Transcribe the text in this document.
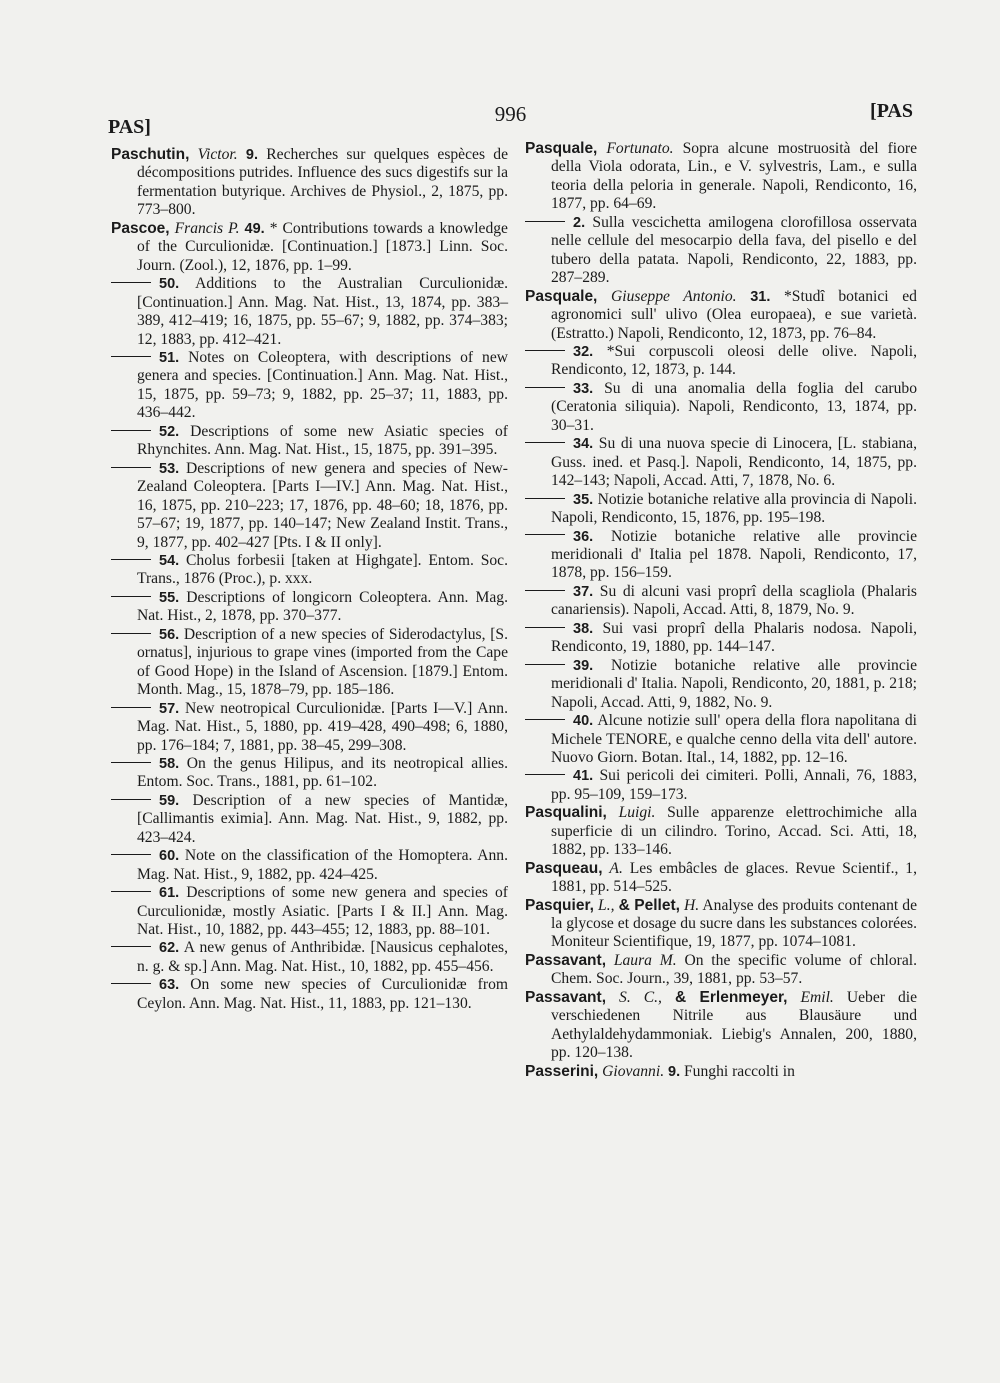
PAS]
996	[PAS

Paschutin, Victor. 9. Recherches sur quelques espèces de décompositions putrides. Influence des sucs digestifs sur la fermentation butyrique. Archives de Physiol., 2, 1875, pp. 773–800.

Pascoe, Francis P. 49. * Contributions towards a knowledge of the Curculionidæ. [Continuation.] [1873.] Linn. Soc. Journ. (Zool.), 12, 1876, pp. 1–99.

50. Additions to the Australian Curculionidæ. [Continuation.] Ann. Mag. Nat. Hist., 13, 1874, pp. 383–389, 412–419; 16, 1875, pp. 55–67; 9, 1882, pp. 374–383; 12, 1883, pp. 412–421.

51. Notes on Coleoptera, with descriptions of new genera and species. [Continuation.] Ann. Mag. Nat. Hist., 15, 1875, pp. 59–73; 9, 1882, pp. 25–37; 11, 1883, pp. 436–442.

52. Descriptions of some new Asiatic species of Rhynchites. Ann. Mag. Nat. Hist., 15, 1875, pp. 391–395.

53. Descriptions of new genera and species of New-Zealand Coleoptera. [Parts I—IV.] Ann. Mag. Nat. Hist., 16, 1875, pp. 210–223; 17, 1876, pp. 48–60; 18, 1876, pp. 57–67; 19, 1877, pp. 140–147; New Zealand Instit. Trans., 9, 1877, pp. 402–427 [Pts. I & II only].

54. Cholus forbesii [taken at Highgate]. Entom. Soc. Trans., 1876 (Proc.), p. xxx.

55. Descriptions of longicorn Coleoptera. Ann. Mag. Nat. Hist., 2, 1878, pp. 370–377.

56. Description of a new species of Siderodactylus, [S. ornatus], injurious to grape vines (imported from the Cape of Good Hope) in the Island of Ascension. [1879.] Entom. Month. Mag., 15, 1878–79, pp. 185–186.

57. New neotropical Curculionidæ. [Parts I—V.] Ann. Mag. Nat. Hist., 5, 1880, pp. 419–428, 490–498; 6, 1880, pp. 176–184; 7, 1881, pp. 38–45, 299–308.

58. On the genus Hilipus, and its neotropical allies. Entom. Soc. Trans., 1881, pp. 61–102.

59. Description of a new species of Mantidæ, [Callimantis eximia]. Ann. Mag. Nat. Hist., 9, 1882, pp. 423–424.

60. Note on the classification of the Homoptera. Ann. Mag. Nat. Hist., 9, 1882, pp. 424–425.

61. Descriptions of some new genera and species of Curculionidæ, mostly Asiatic. [Parts I & II.] Ann. Mag. Nat. Hist., 10, 1882, pp. 443–455; 12, 1883, pp. 88–101.

62. A new genus of Anthribidæ. [Nausicus cephalotes, n. g. & sp.] Ann. Mag. Nat. Hist., 10, 1882, pp. 455–456.

63. On some new species of Curculionidæ from Ceylon. Ann. Mag. Nat. Hist., 11, 1883, pp. 121–130.

Pasquale, Fortunato. Sopra alcune mostruosità del fiore della Viola odorata, Lin., e V. sylvestris, Lam., e sulla teoria della peloria in generale. Napoli, Rendiconto, 16, 1877, pp. 64–69.

2. Sulla vescichetta amilogena clorofillosa osservata nelle cellule del mesocarpio della fava, del pisello e del tubero della patata. Napoli, Rendiconto, 22, 1883, pp. 287–289.

Pasquale, Giuseppe Antonio. 31. *Studî botanici ed agronomici sull' ulivo (Olea europaea), e sue varietà. (Estratto.) Napoli, Rendiconto, 12, 1873, pp. 76–84.

32. *Sui corpuscoli oleosi delle olive. Napoli, Rendiconto, 12, 1873, p. 144.

33. Su di una anomalia della foglia del carubo (Ceratonia siliquia). Napoli, Rendiconto, 13, 1874, pp. 30–31.

34. Su di una nuova specie di Linocera, [L. stabiana, Guss. ined. et Pasq.]. Napoli, Rendiconto, 14, 1875, pp. 142–143; Napoli, Accad. Atti, 7, 1878, No. 6.

35. Notizie botaniche relative alla provincia di Napoli. Napoli, Rendiconto, 15, 1876, pp. 195–198.

36. Notizie botaniche relative alle provincie meridionali d' Italia pel 1878. Napoli, Rendiconto, 17, 1878, pp. 156–159.

37. Su di alcuni vasi proprî della scagliola (Phalaris canariensis). Napoli, Accad. Atti, 8, 1879, No. 9.

38. Sui vasi proprî della Phalaris nodosa. Napoli, Rendiconto, 19, 1880, pp. 144–147.

39. Notizie botaniche relative alle provincie meridionali d' Italia. Napoli, Rendiconto, 20, 1881, p. 218; Napoli, Accad. Atti, 9, 1882, No. 9.

40. Alcune notizie sull' opera della flora napolitana di Michele TENORE, e qualche cenno della vita dell' autore. Nuovo Giorn. Botan. Ital., 14, 1882, pp. 12–16.

41. Sui pericoli dei cimiteri. Polli, Annali, 76, 1883, pp. 95–109, 159–173.

Pasqualini, Luigi. Sulle apparenze elettrochimiche alla superficie di un cilindro. Torino, Accad. Sci. Atti, 18, 1882, pp. 133–146.

Pasqueau, A. Les embâcles de glaces. Revue Scientif., 1, 1881, pp. 514–525.

Pasquier, L., & Pellet, H. Analyse des produits contenant de la glycose et dosage du sucre dans les substances colorées. Moniteur Scientifique, 19, 1877, pp. 1074–1081.

Passavant, Laura M. On the specific volume of chloral. Chem. Soc. Journ., 39, 1881, pp. 53–57.

Passavant, S. C., & Erlenmeyer, Emil. Ueber die verschiedenen Nitrile aus Blausäure und Aethylaldehydammoniak. Liebig's Annalen, 200, 1880, pp. 120–138.

Passerini, Giovanni. 9. Funghi raccolti in
